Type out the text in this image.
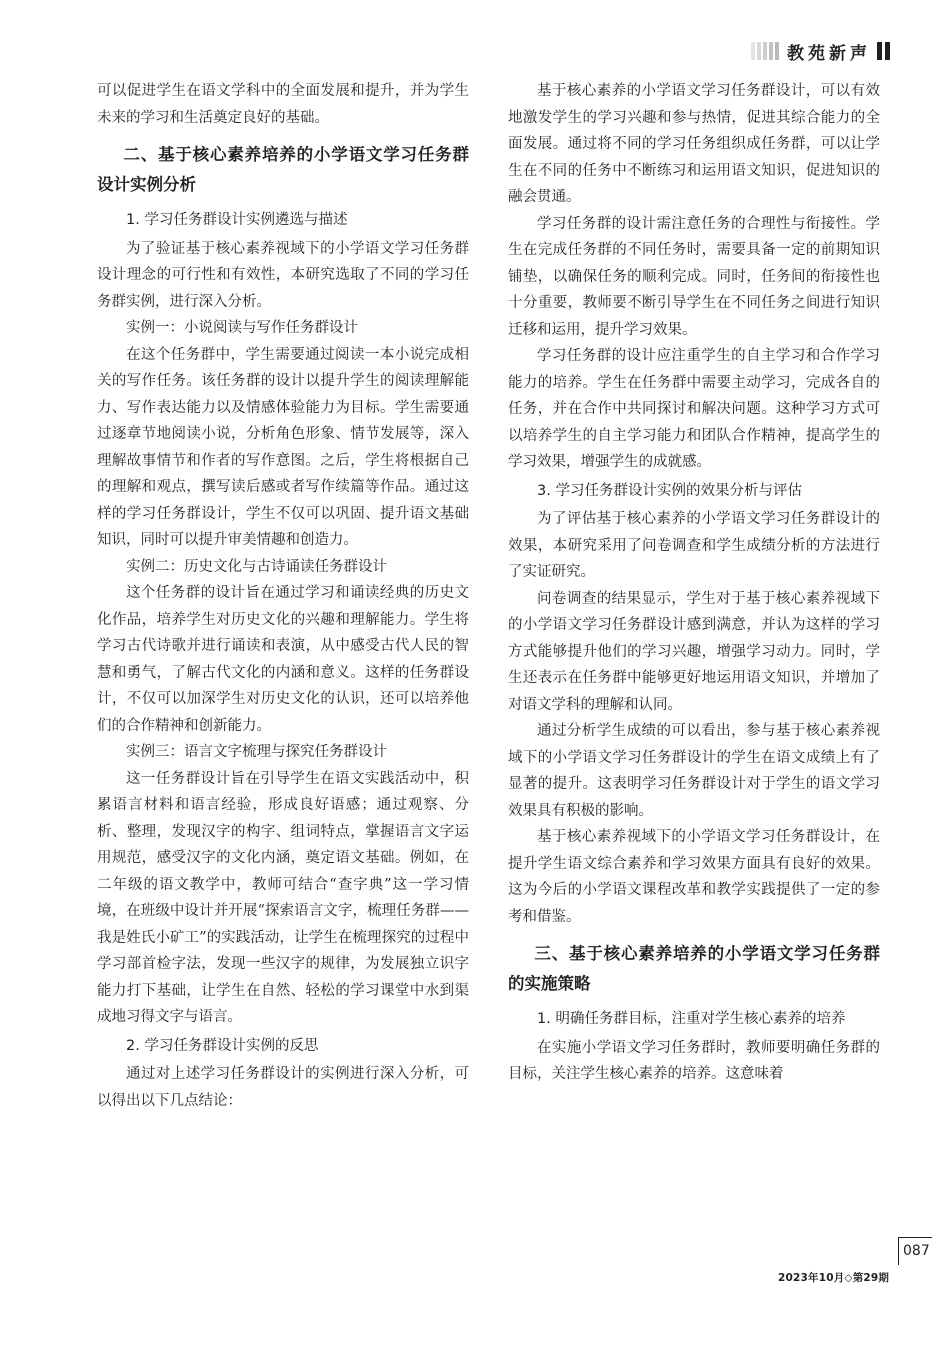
教苑新声
可以促进学生在语文学科中的全面发展和提升，并为学生未来的学习和生活奠定良好的基础。
二、基于核心素养培养的小学语文学习任务群设计实例分析
1. 学习任务群设计实例遴选与描述
为了验证基于核心素养视域下的小学语文学习任务群设计理念的可行性和有效性，本研究选取了不同的学习任务群实例，进行深入分析。
实例一：小说阅读与写作任务群设计
在这个任务群中，学生需要通过阅读一本小说完成相关的写作任务。该任务群的设计以提升学生的阅读理解能力、写作表达能力以及情感体验能力为目标。学生需要通过逐章节地阅读小说，分析角色形象、情节发展等，深入理解故事情节和作者的写作意图。之后，学生将根据自己的理解和观点，撰写读后感或者写作续篇等作品。通过这样的学习任务群设计，学生不仅可以巩固、提升语文基础知识，同时可以提升审美情趣和创造力。
实例二：历史文化与古诗诵读任务群设计
这个任务群的设计旨在通过学习和诵读经典的历史文化作品，培养学生对历史文化的兴趣和理解能力。学生将学习古代诗歌并进行诵读和表演，从中感受古代人民的智慧和勇气，了解古代文化的内涵和意义。这样的任务群设计，不仅可以加深学生对历史文化的认识，还可以培养他们的合作精神和创新能力。
实例三：语言文字梳理与探究任务群设计
这一任务群设计旨在引导学生在语文实践活动中，积累语言材料和语言经验，形成良好语感；通过观察、分析、整理，发现汉字的构字、组词特点，掌握语言文字运用规范，感受汉字的文化内涵，奠定语文基础。例如，在二年级的语文教学中，教师可结合“查字典”这一学习情境，在班级中设计并开展“探索语言文字，梳理任务群——我是姓氏小矿工”的实践活动，让学生在梳理探究的过程中学习部首检字法，发现一些汉字的规律，为发展独立识字能力打下基础，让学生在自然、轻松的学习课堂中水到渠成地习得文字与语言。
2. 学习任务群设计实例的反思
通过对上述学习任务群设计的实例进行深入分析，可以得出以下几点结论：
基于核心素养的小学语文学习任务群设计，可以有效地激发学生的学习兴趣和参与热情，促进其综合能力的全面发展。通过将不同的学习任务组织成任务群，可以让学生在不同的任务中不断练习和运用语文知识，促进知识的融会贯通。
学习任务群的设计需注意任务的合理性与衔接性。学生在完成任务群的不同任务时，需要具备一定的前期知识铺垫，以确保任务的顺利完成。同时，任务间的衔接性也十分重要，教师要不断引导学生在不同任务之间进行知识迁移和运用，提升学习效果。
学习任务群的设计应注重学生的自主学习和合作学习能力的培养。学生在任务群中需要主动学习，完成各自的任务，并在合作中共同探讨和解决问题。这种学习方式可以培养学生的自主学习能力和团队合作精神，提高学生的学习效果，增强学生的成就感。
3. 学习任务群设计实例的效果分析与评估
为了评估基于核心素养的小学语文学习任务群设计的效果，本研究采用了问卷调查和学生成绩分析的方法进行了实证研究。
问卷调查的结果显示，学生对于基于核心素养视域下的小学语文学习任务群设计感到满意，并认为这样的学习方式能够提升他们的学习兴趣，增强学习动力。同时，学生还表示在任务群中能够更好地运用语文知识，并增加了对语文学科的理解和认同。
通过分析学生成绩的可以看出，参与基于核心素养视域下的小学语文学习任务群设计的学生在语文成绩上有了显著的提升。这表明学习任务群设计对于学生的语文学习效果具有积极的影响。
基于核心素养视域下的小学语文学习任务群设计，在提升学生语文综合素养和学习效果方面具有良好的效果。这为今后的小学语文课程改革和教学实践提供了一定的参考和借鉴。
三、基于核心素养培养的小学语文学习任务群的实施策略
1. 明确任务群目标，注重对学生核心素养的培养
在实施小学语文学习任务群时，教师要明确任务群的目标，关注学生核心素养的培养。这意味着
087
2023年10月◇第29期
